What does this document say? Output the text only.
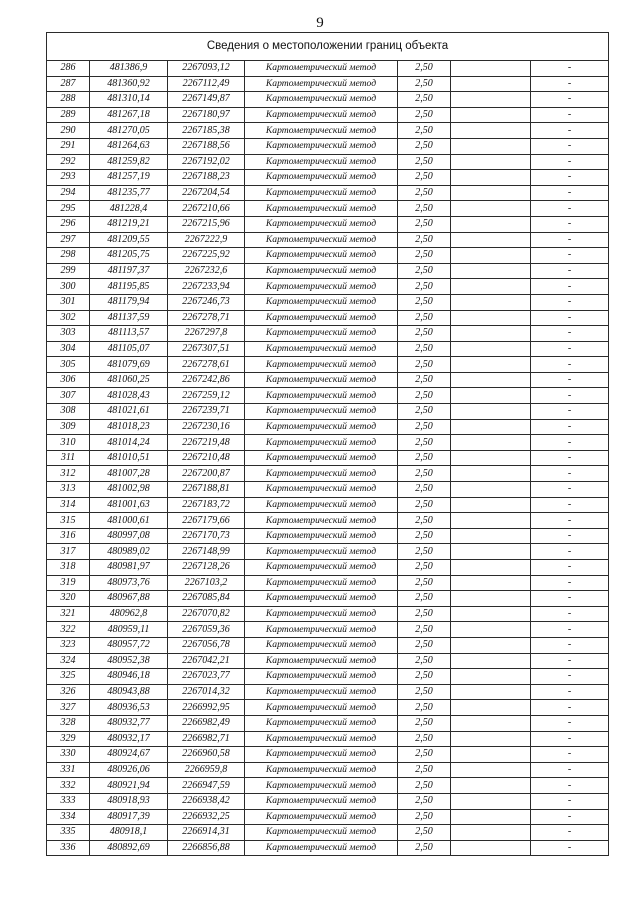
9
Сведения о местоположении границ объекта						
286	481386,9	2267093,12	Картометрический метод	2,50		-
287	481360,92	2267112,49	Картометрический метод	2,50		-
288	481310,14	2267149,87	Картометрический метод	2,50		-
289	481267,18	2267180,97	Картометрический метод	2,50		-
290	481270,05	2267185,38	Картометрический метод	2,50		-
291	481264,63	2267188,56	Картометрический метод	2,50		-
292	481259,82	2267192,02	Картометрический метод	2,50		-
293	481257,19	2267188,23	Картометрический метод	2,50		-
294	481235,77	2267204,54	Картометрический метод	2,50		-
295	481228,4	2267210,66	Картометрический метод	2,50		-
296	481219,21	2267215,96	Картометрический метод	2,50		-
297	481209,55	2267222,9	Картометрический метод	2,50		-
298	481205,75	2267225,92	Картометрический метод	2,50		-
299	481197,37	2267232,6	Картометрический метод	2,50		-
300	481195,85	2267233,94	Картометрический метод	2,50		-
301	481179,94	2267246,73	Картометрический метод	2,50		-
302	481137,59	2267278,71	Картометрический метод	2,50		-
303	481113,57	2267297,8	Картометрический метод	2,50		-
304	481105,07	2267307,51	Картометрический метод	2,50		-
305	481079,69	2267278,61	Картометрический метод	2,50		-
306	481060,25	2267242,86	Картометрический метод	2,50		-
307	481028,43	2267259,12	Картометрический метод	2,50		-
308	481021,61	2267239,71	Картометрический метод	2,50		-
309	481018,23	2267230,16	Картометрический метод	2,50		-
310	481014,24	2267219,48	Картометрический метод	2,50		-
311	481010,51	2267210,48	Картометрический метод	2,50		-
312	481007,28	2267200,87	Картометрический метод	2,50		-
313	481002,98	2267188,81	Картометрический метод	2,50		-
314	481001,63	2267183,72	Картометрический метод	2,50		-
315	481000,61	2267179,66	Картометрический метод	2,50		-
316	480997,08	2267170,73	Картометрический метод	2,50		-
317	480989,02	2267148,99	Картометрический метод	2,50		-
318	480981,97	2267128,26	Картометрический метод	2,50		-
319	480973,76	2267103,2	Картометрический метод	2,50		-
320	480967,88	2267085,84	Картометрический метод	2,50		-
321	480962,8	2267070,82	Картометрический метод	2,50		-
322	480959,11	2267059,36	Картометрический метод	2,50		-
323	480957,72	2267056,78	Картометрический метод	2,50		-
324	480952,38	2267042,21	Картометрический метод	2,50		-
325	480946,18	2267023,77	Картометрический метод	2,50		-
326	480943,88	2267014,32	Картометрический метод	2,50		-
327	480936,53	2266992,95	Картометрический метод	2,50		-
328	480932,77	2266982,49	Картометрический метод	2,50		-
329	480932,17	2266982,71	Картометрический метод	2,50		-
330	480924,67	2266960,58	Картометрический метод	2,50		-
331	480926,06	2266959,8	Картометрический метод	2,50		-
332	480921,94	2266947,59	Картометрический метод	2,50		-
333	480918,93	2266938,42	Картометрический метод	2,50		-
334	480917,39	2266932,25	Картометрический метод	2,50		-
335	480918,1	2266914,31	Картометрический метод	2,50		-
336	480892,69	2266856,88	Картометрический метод	2,50		-
